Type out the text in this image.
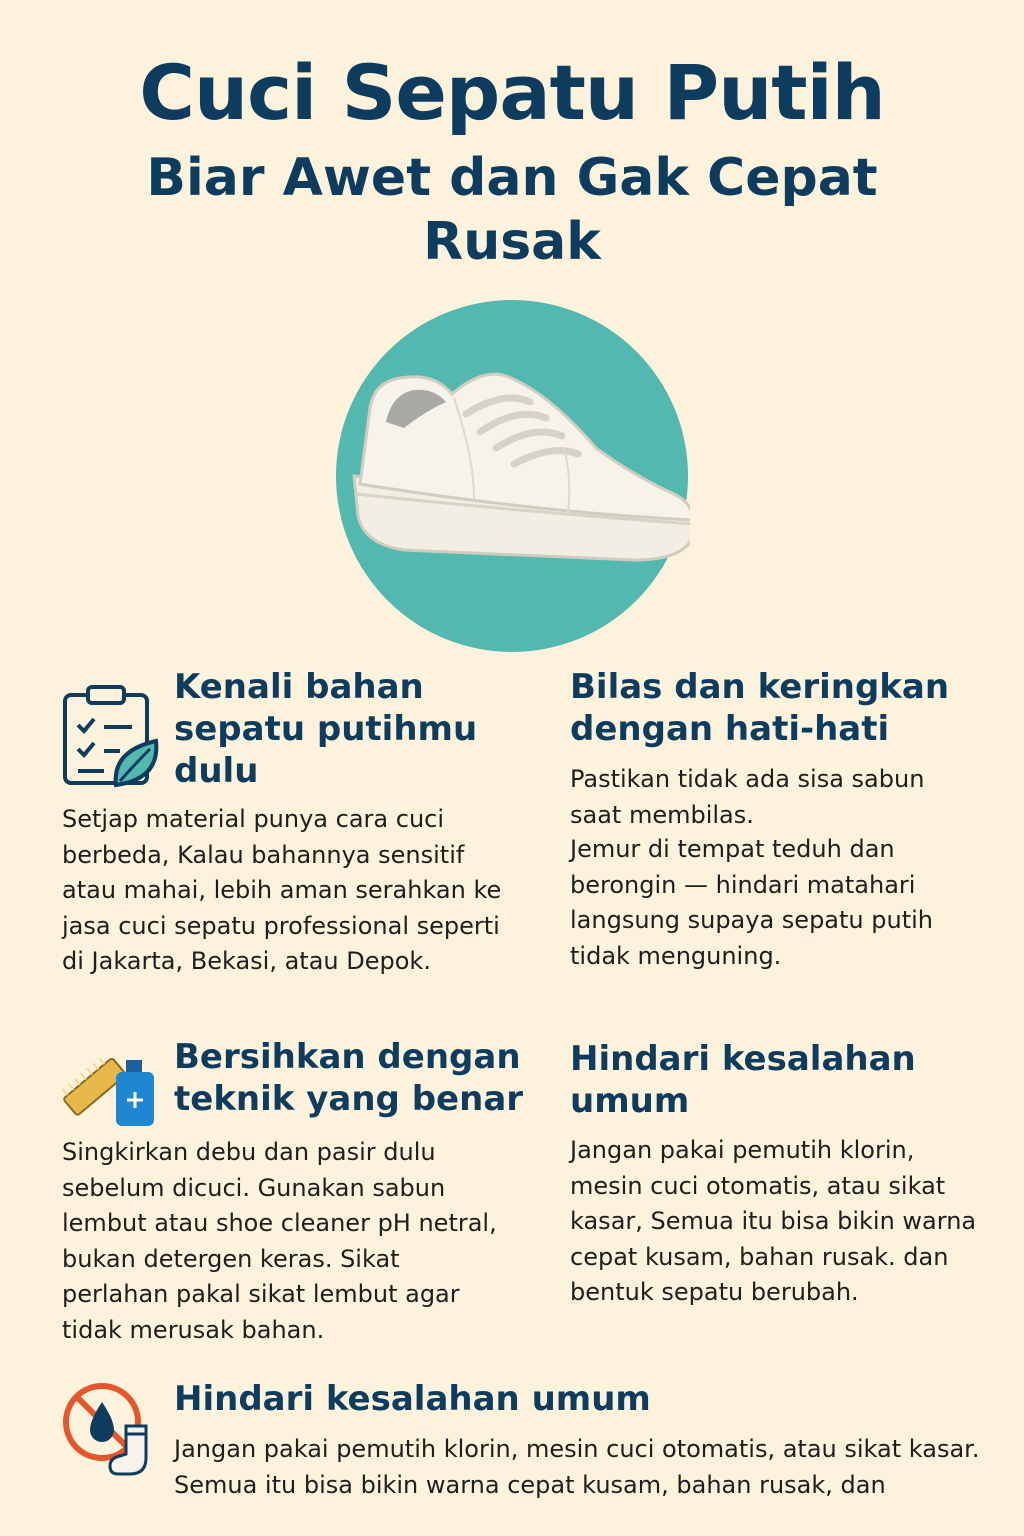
Cuci Sepatu Putih
Biar Awet dan Gak Cepat Rusak
Kenali bahan sepatu putihmu dulu

Setjap material punya cara cuci berbeda, Kalau bahannya sensitif atau mahai, lebih aman serahkan ke jasa cuci sepatu professional seperti di Jakarta, Bekasi, atau Depok.

Bilas dan keringkan dengan hati-hati

Pastikan tidak ada sisa sabun saat membilas.

Jemur di tempat teduh dan berongin — hindari matahari langsung supaya sepatu putih tidak menguning.

Bersihkan dengan teknik yang benar

Singkirkan debu dan pasir dulu sebelum dicuci. Gunakan sabun lembut atau shoe cleaner pH netral, bukan detergen keras. Sikat perlahan pakal sikat lembut agar tidak merusak bahan.

Hindari kesalahan umum

Jangan pakai pemutih klorin, mesin cuci otomatis, atau sikat kasar, Semua itu bisa bikin warna cepat kusam, bahan rusak. dan bentuk sepatu berubah.

Hindari kesalahan umum

Jangan pakai pemutih klorin, mesin cuci otomatis, atau sikat kasar. Semua itu bisa bikin warna cepat kusam, bahan rusak, dan
